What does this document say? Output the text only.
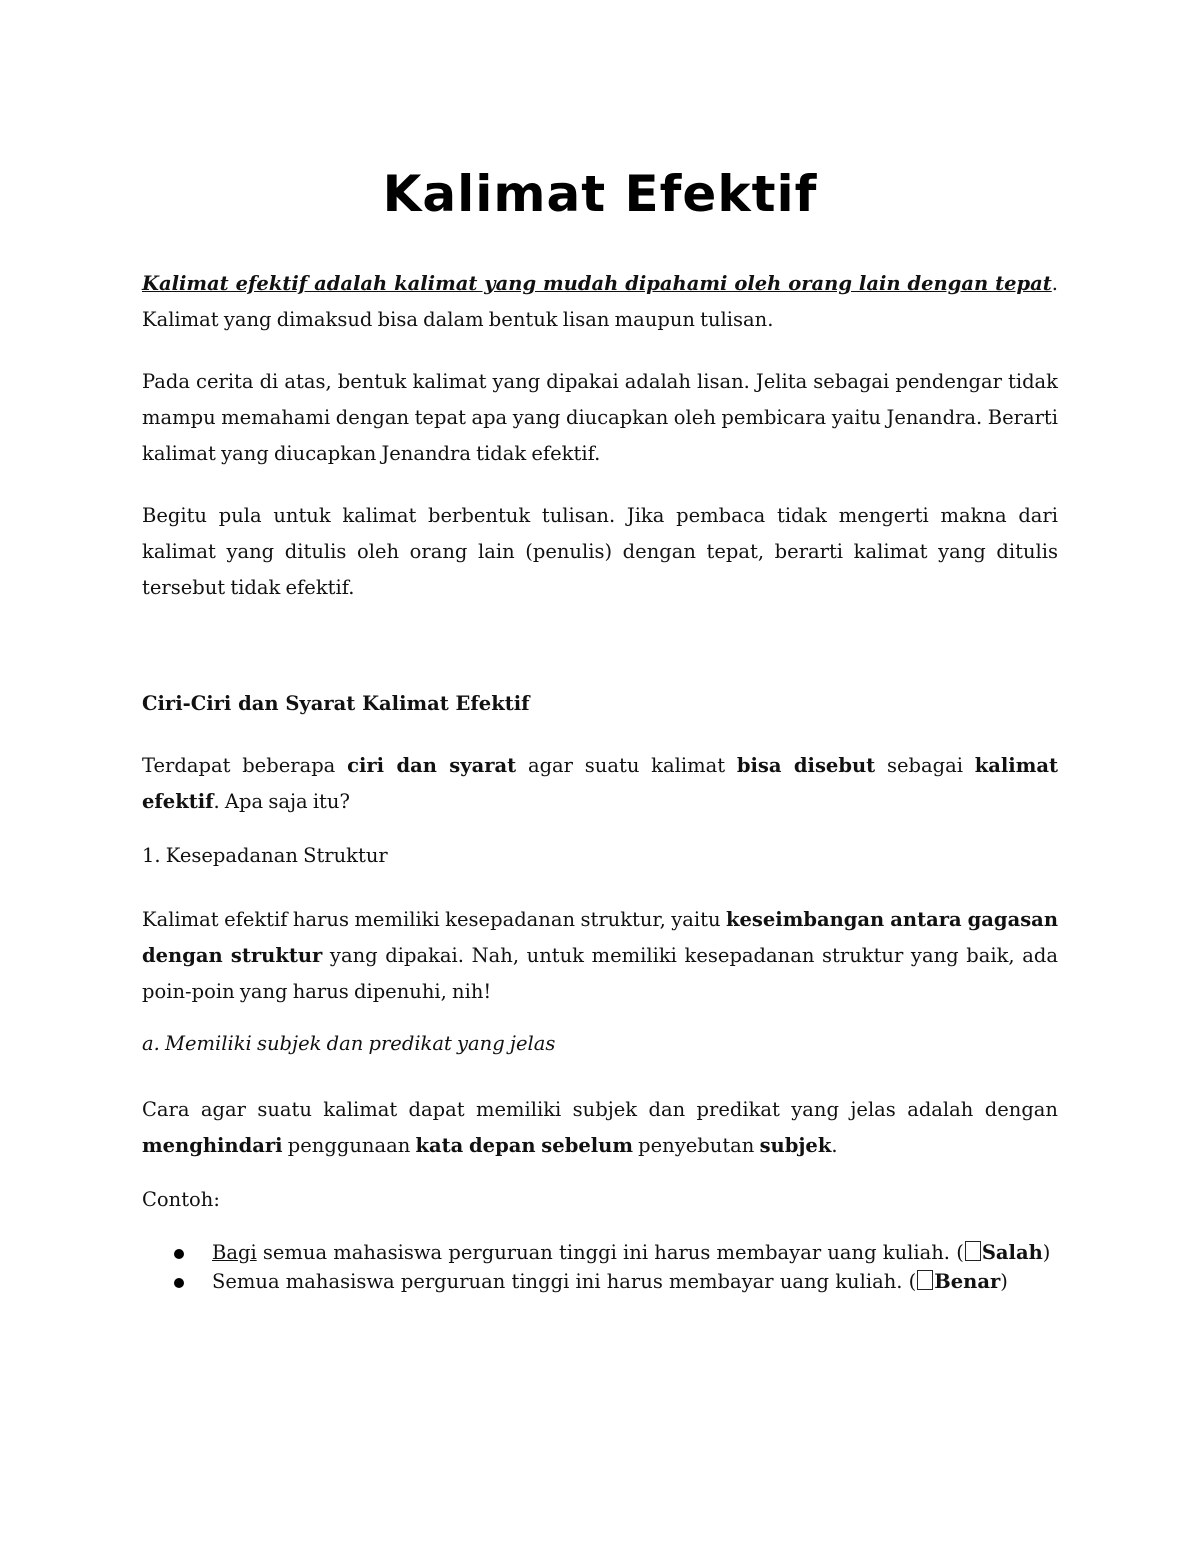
Kalimat Efektif

Kalimat efektif adalah kalimat yang mudah dipahami oleh orang lain dengan tepat. Kalimat yang dimaksud bisa dalam bentuk lisan maupun tulisan.

Pada cerita di atas, bentuk kalimat yang dipakai adalah lisan. Jelita sebagai pendengar tidak mampu memahami dengan tepat apa yang diucapkan oleh pembicara yaitu Jenandra. Berarti kalimat yang diucapkan Jenandra tidak efektif.

Begitu pula untuk kalimat berbentuk tulisan. Jika pembaca tidak mengerti makna dari kalimat yang ditulis oleh orang lain (penulis) dengan tepat, berarti kalimat yang ditulis tersebut tidak efektif.

Ciri-Ciri dan Syarat Kalimat Efektif

Terdapat beberapa ciri dan syarat agar suatu kalimat bisa disebut sebagai kalimat efektif. Apa saja itu?

1. Kesepadanan Struktur

Kalimat efektif harus memiliki kesepadanan struktur, yaitu keseimbangan antara gagasan dengan struktur yang dipakai. Nah, untuk memiliki kesepadanan struktur yang baik, ada poin-poin yang harus dipenuhi, nih!

a. Memiliki subjek dan predikat yang jelas

Cara agar suatu kalimat dapat memiliki subjek dan predikat yang jelas adalah dengan menghindari penggunaan kata depan sebelum penyebutan subjek.

Contoh:

Bagi semua mahasiswa perguruan tinggi ini harus membayar uang kuliah. ( Salah)
Semua mahasiswa perguruan tinggi ini harus membayar uang kuliah. ( Benar)
